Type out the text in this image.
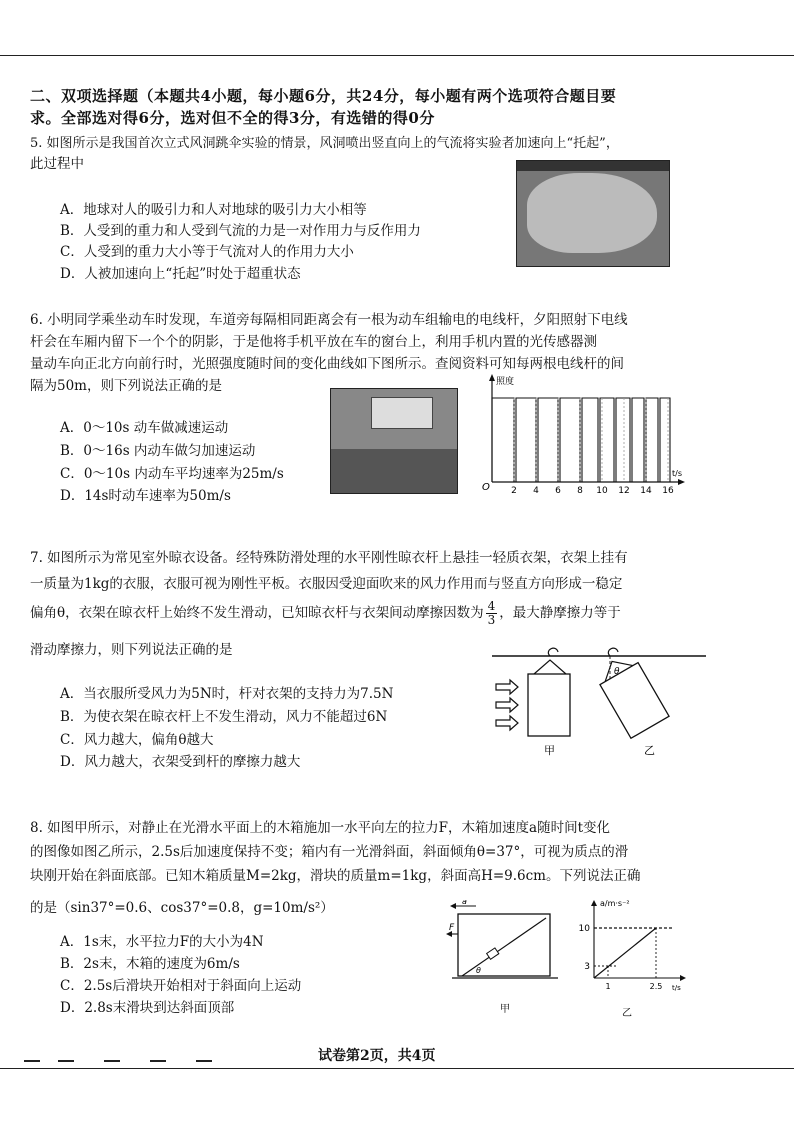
二、双项选择题（本题共4小题，每小题6分，共24分，每小题有两个选项符合题目要
求。全部选对得6分，选对但不全的得3分，有选错的得0分
5. 如图所示是我国首次立式风洞跳伞实验的情景，风洞喷出竖直向上的气流将实验者加速向上“托起”，
此过程中
A．地球对人的吸引力和人对地球的吸引力大小相等
B．人受到的重力和人受到气流的力是一对作用力与反作用力
C．人受到的重力大小等于气流对人的作用力大小
D．人被加速向上“托起”时处于超重状态
6. 小明同学乘坐动车时发现，车道旁每隔相同距离会有一根为动车组输电的电线杆，夕阳照射下电线
杆会在车厢内留下一个个的阴影，于是他将手机平放在车的窗台上，利用手机内置的光传感器测
量动车向正北方向前行时，光照强度随时间的变化曲线如下图所示。查阅资料可知每两根电线杆的间
隔为50m，则下列说法正确的是
A．0～10s 动车做减速运动
B．0～16s 内动车做匀加速运动
C．0～10s 内动车平均速率为25m/s
D．14s时动车速率为50m/s
照度
t/s
O 2 4 6 8 10 12 14 16
7. 如图所示为常见室外晾衣设备。经特殊防滑处理的水平刚性晾衣杆上悬挂一轻质衣架，衣架上挂有
一质量为1kg的衣服，衣服可视为刚性平板。衣服因受迎面吹来的风力作用而与竖直方向形成一稳定
偏角θ，衣架在晾衣杆上始终不发生滑动，已知晾衣杆与衣架间动摩擦因数为 $\frac{4}{3}$ ，最大静摩擦力等于
滑动摩擦力，则下列说法正确的是
A．当衣服所受风力为5N时，杆对衣架的支持力为7.5N
B．为使衣架在晾衣杆上不发生滑动，风力不能超过6N
C．风力越大，偏角θ越大
D．风力越大，衣架受到杆的摩擦力越大
甲
θ
乙
8. 如图甲所示，对静止在光滑水平面上的木箱施加一水平向左的拉力F，木箱加速度a随时间t变化
的图像如图乙所示，2.5s后加速度保持不变；箱内有一光滑斜面，斜面倾角θ=37°，可视为质点的滑
块刚开始在斜面底部。已知木箱质量M=2kg，滑块的质量m=1kg，斜面高H=9.6cm。下列说法正确
的是（sin37°=0.6、cos37°=0.8，g=10m/s²）
A．1s末，水平拉力F的大小为4N
B．2s末，木箱的速度为6m/s
C．2.5s后滑块开始相对于斜面向上运动
D．2.8s末滑块到达斜面顶部
a
F
θ
甲
a/m·s⁻²
t/s
10
3
1	2.5
乙
试卷第2页，共4页
